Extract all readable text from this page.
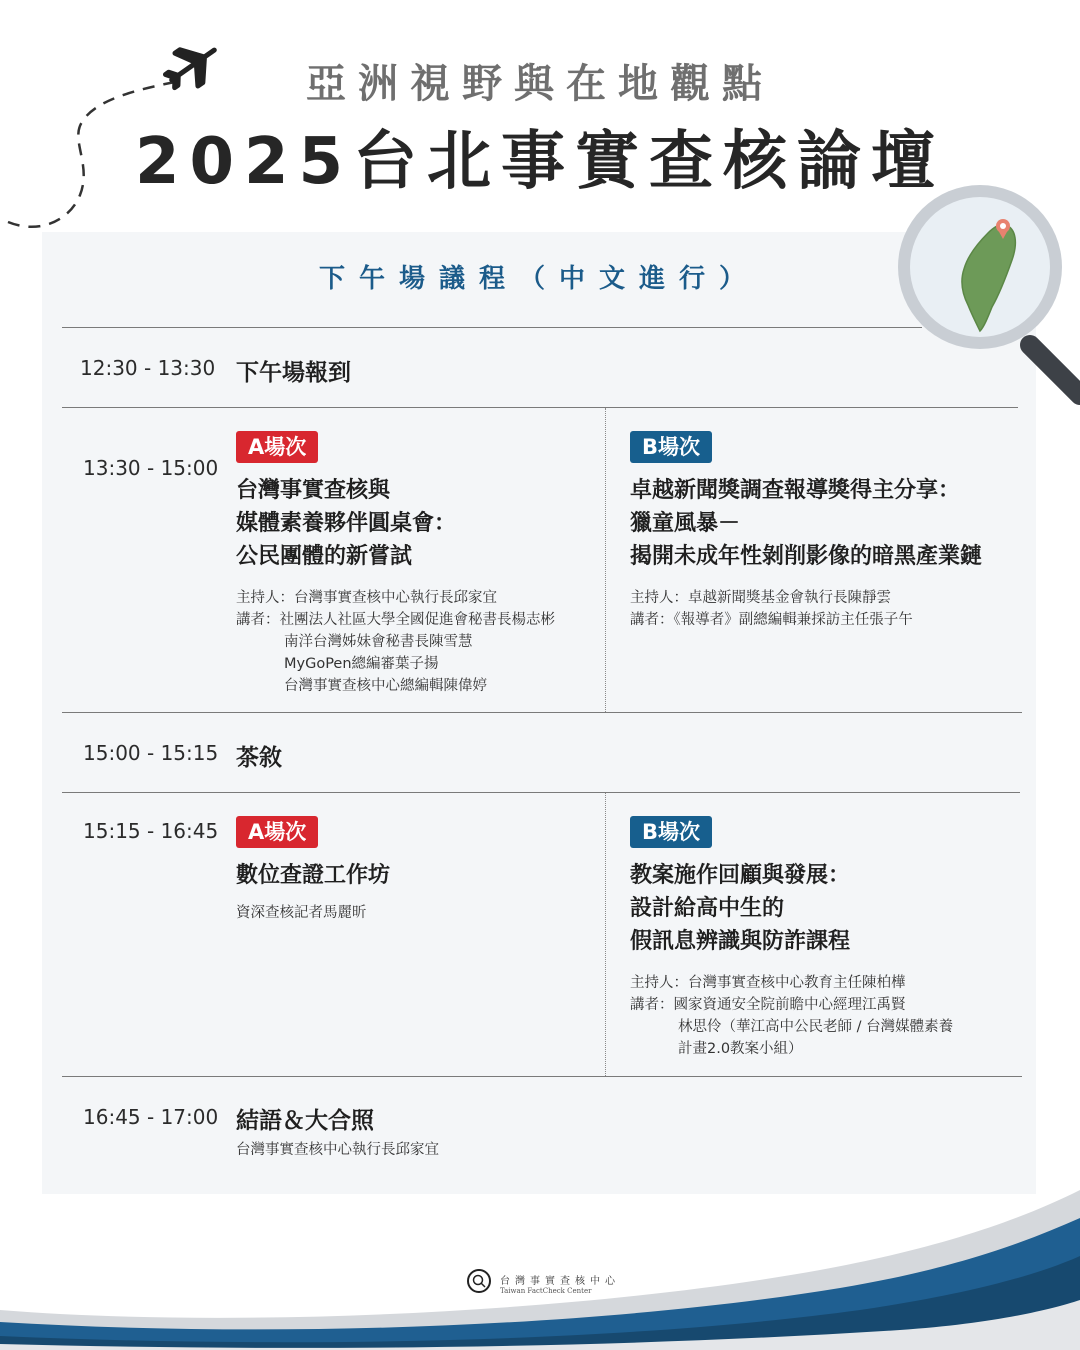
亞洲視野與在地觀點
2025台北事實查核論壇
下午場議程（中文進行）
12:30 - 13:30 下午場報到
13:30 - 15:00
A場次
台灣事實查核與
媒體素養夥伴圓桌會：
公民團體的新嘗試
主持人：台灣事實查核中心執行長邱家宜
講者：社團法人社區大學全國促進會秘書長楊志彬
南洋台灣姊妹會秘書長陳雪慧
MyGoPen總編審葉子揚
台灣事實查核中心總編輯陳偉婷
B場次
卓越新聞獎調查報導獎得主分享：
獵童風暴－
揭開未成年性剝削影像的暗黑產業鏈
主持人：卓越新聞獎基金會執行長陳靜雲
講者：《報導者》副總編輯兼採訪主任張子午
15:00 - 15:15 茶敘
15:15 - 16:45	A場次
數位查證工作坊
資深查核記者馬麗昕
B場次
教案施作回顧與發展：
設計給高中生的
假訊息辨識與防詐課程
主持人：台灣事實查核中心教育主任陳柏樺
講者：國家資通安全院前瞻中心經理江禹賢
林思伶（華江高中公民老師 / 台灣媒體素養
計畫2.0教案小組）
16:45 - 17:00 結語＆大合照
台灣事實查核中心執行長邱家宜
台灣事實查核中心
Taiwan FactCheck Center
